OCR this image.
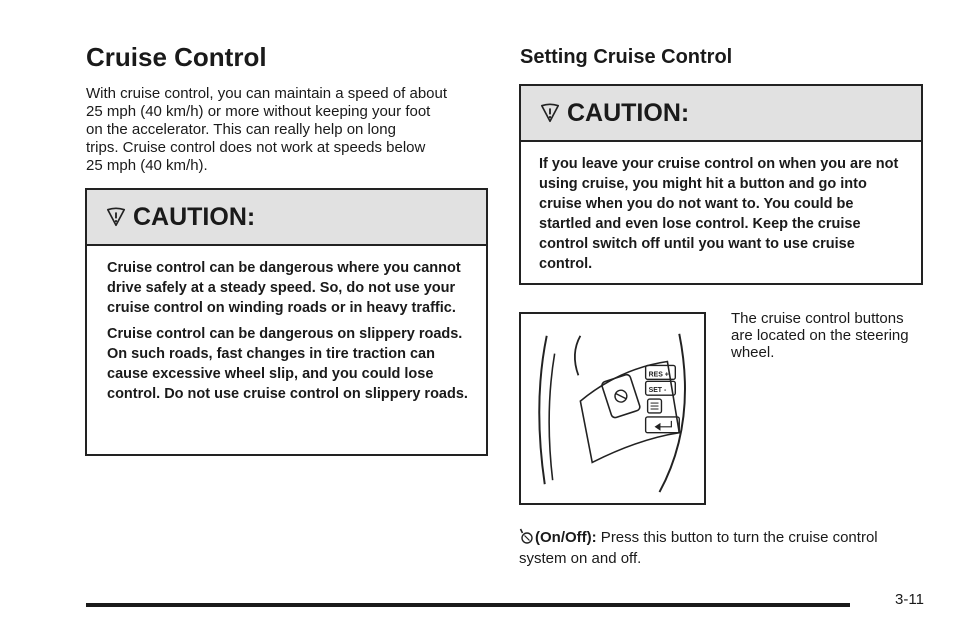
Cruise Control

With cruise control, you can maintain a speed of about
25 mph (40 km/h) or more without keeping your foot
on the accelerator. This can really help on long
trips. Cruise control does not work at speeds below
25 mph (40 km/h).

CAUTION:

Cruise control can be dangerous where you cannot drive safely at a steady speed. So, do not use your cruise control on winding roads or in heavy traffic.

Cruise control can be dangerous on slippery roads. On such roads, fast changes in tire traction can cause excessive wheel slip, and you could lose control. Do not use cruise control on slippery roads.

Setting Cruise Control
CAUTION:

If you leave your cruise control on when you are not using cruise, you might hit a button and go into cruise when you do not want to. You could be startled and even lose control. Keep the cruise control switch off until you want to use cruise control.

RES +
SET -

The cruise control buttons
are located on the steering
wheel.

(On/Off): Press this button to turn the cruise control system on and off.

3-11
